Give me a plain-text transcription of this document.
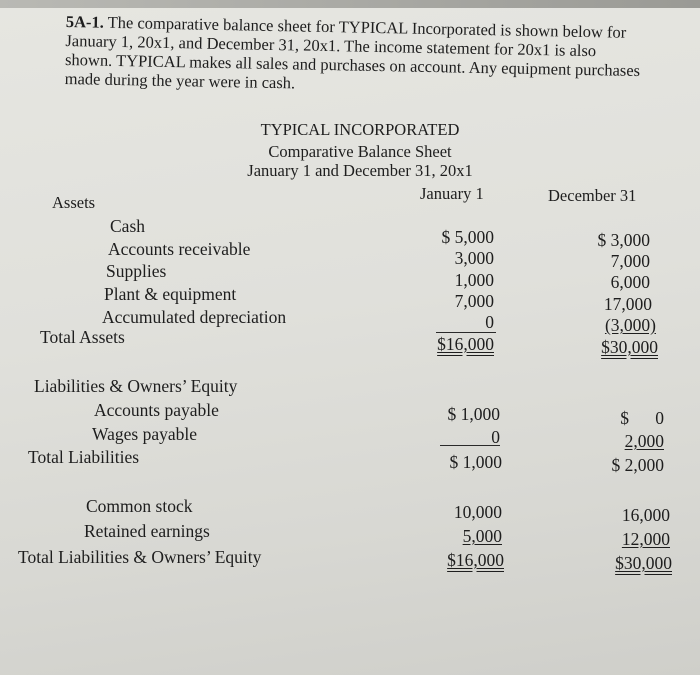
5A-1. The comparative balance sheet for TYPICAL Incorporated is shown below for January 1, 20x1, and December 31, 20x1. The income statement for 20x1 is also shown. TYPICAL makes all sales and purchases on account. Any equipment purchases made during the year were in cash.
TYPICAL INCORPORATED
Comparative Balance Sheet
January 1 and December 31, 20x1
January 1	December 31
Assets
Cash
Accounts receivable
Supplies
Plant & equipment
Accumulated depreciation
Total Assets
$ 5,000
3,000
1,000
7,000
0
$16,000
$ 3,000
7,000
6,000
17,000
(3,000)
$30,000
Liabilities & Owners’ Equity
Accounts payable
Wages payable
Total Liabilities
$ 1,000
0
$ 1,000
$      0
2,000
$ 2,000
Common stock
Retained earnings
Total Liabilities & Owners’ Equity
10,000
5,000
$16,000
16,000
12,000
$30,000
